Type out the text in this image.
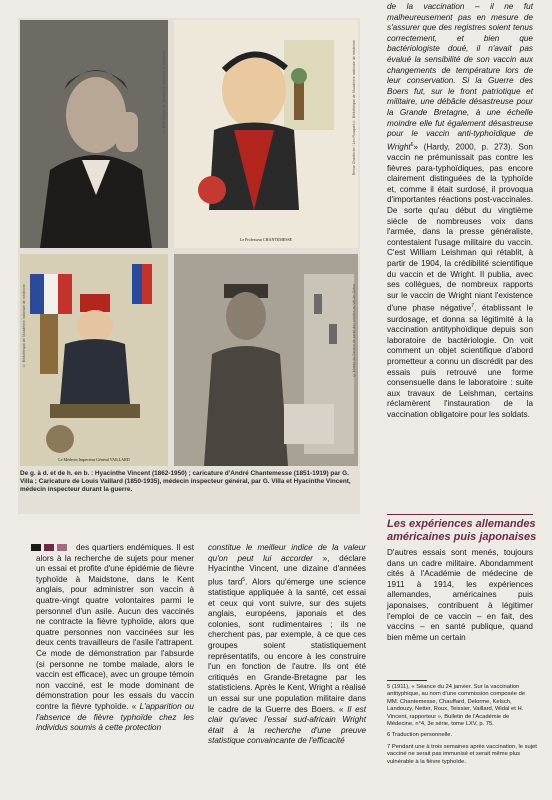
© Bibliothèque de l'Académie nationale de médecine
Le Professeur CHANTEMESSE
Revue Chantecler / Leo Rouquet © Bibliothèque de l'Académie nationale de médecine
Le Médecin Inspecteur Général VAILLARD
© Bibliothèque de l'Académie nationale de médecine	© Musée du Service de santé des armées au Val-de-Grâce
De g. à d. et de h. en b. : Hyacinthe Vincent (1862-1950) ; caricature d'André Chantemesse (1851-1919) par G. Villa ; Caricature de Louis Vaillard (1850-1935), médecin inspecteur général, par G. Villa et Hyacinthe Vincent, médecin inspecteur durant la guerre.

de la vaccination – il ne fut malheureusement pas en mesure de s'assurer que des registres soient tenus correctement, et bien que bactériologiste doué, il n'avait pas évalué la sensibilité de son vaccin aux changements de température lors de leur conservation. Si la Guerre des Boers fut, sur le front patriotique et militaire, une débâcle désastreuse pour la Grande Bretagne, à une échelle moindre elle fut également désastreuse pour le vaccin anti-typhoïdique de Wright$^6$» (Hardy, 2000, p. 273). Son vaccin ne prémunissait pas contre les fièvres para-typhoïdiques, pas encore clairement distinguées de la typhoïde et, comme il était surdosé, il provoqua d'importantes réactions post-vaccinales. De sorte qu'au début du vingtième siècle de nombreuses voix dans l'armée, dans la presse généraliste, contestaient l'usage militaire du vaccin. C'est William Leishman qui rétablit, à partir de 1904, la crédibilité scientifique du vaccin et de Wright. Il publia, avec ses collègues, de nombreux rapports sur le vaccin de Wright niant l'existence d'une phase négative$^7$, établissant le surdosage, et donna sa légitimité à la vaccination antityphoïdique depuis son laboratoire de bactériologie. On voit comment un objet scientifique d'abord prometteur a connu un discrédit par des essais puis retrouvé une forme consensuelle dans le laboratoire : suite aux travaux de Leishman, certains réclamèrent l'instauration de la vaccination obligatoire pour les soldats.

Les expériences allemandes américaines puis japonaises

des quartiers endémiques. Il est alors à la recherche de sujets pour mener un essai et profite d'une épidémie de fièvre typhoïde à Maidstone, dans le Kent anglais, pour administrer son vaccin à quatre-vingt quatre volontaires parmi le personnel d'un asile. Aucun des vaccinés ne contracte la fièvre typhoïde, alors que quatre personnes non vaccinées sur les deux cents travailleurs de l'asile l'attrapent. Ce mode de démonstration par l'absurde (si personne ne tombe malade, alors le vaccin est efficace), avec un groupe témoin non vacciné, est le mode dominant de démonstration pour les essais du vaccin contre la fièvre typhoïde. « L'apparition ou l'absence de fièvre typhoïde chez les individus soumis à cette protection

constitue le meilleur indice de la valeur qu'on peut lui accorder », déclare Hyacinthe Vincent, une dizaine d'années plus tard$^5$. Alors qu'émerge une science statistique appliquée à la santé, cet essai et ceux qui vont suivre, sur des sujets anglais, européens, japonais et des colonies, sont rudimentaires ; ils ne cherchent pas, par exemple, à ce que ces groupes soient statistiquement représentatifs, ou encore à les construire l'un en fonction de l'autre. Ils ont été critiqués en Grande-Bretagne par les statisticiens. Après le Kent, Wright a réalisé un essai sur une population militaire dans le cadre de la Guerre des Boers. « Il est clair qu'avec l'essai sud-africain Wright était à la recherche d'une preuve statistique convaincante de l'efficacité

D'autres essais sont menés, toujours dans un cadre militaire. Abondamment cités à l'Académie de médecine de 1911 à 1914, les expériences allemandes, américaines puis japonaises, contribuent à légitimer l'emploi de ce vaccin – en fait, des vaccins – en santé publique, quand bien même un certain

5 (1911), « Séance du 24 janvier. Sur la vaccination antityphique, au nom d'une commission composée de MM. Chantemesse, Chauffard, Delorme, Kelsch, Landouzy, Netter, Roux, Teissier, Vaillard, Widal et H. Vincent, rapporteur », Bulletin de l'Académie de Médecine, n°4, 3e série, tome LXV, p. 75.

6 Traduction personnelle.

7 Pendant une à trois semaines après vaccination, le sujet vacciné ne serait pas immunisé et serait même plus vulnérable à la fièvre typhoïde.
